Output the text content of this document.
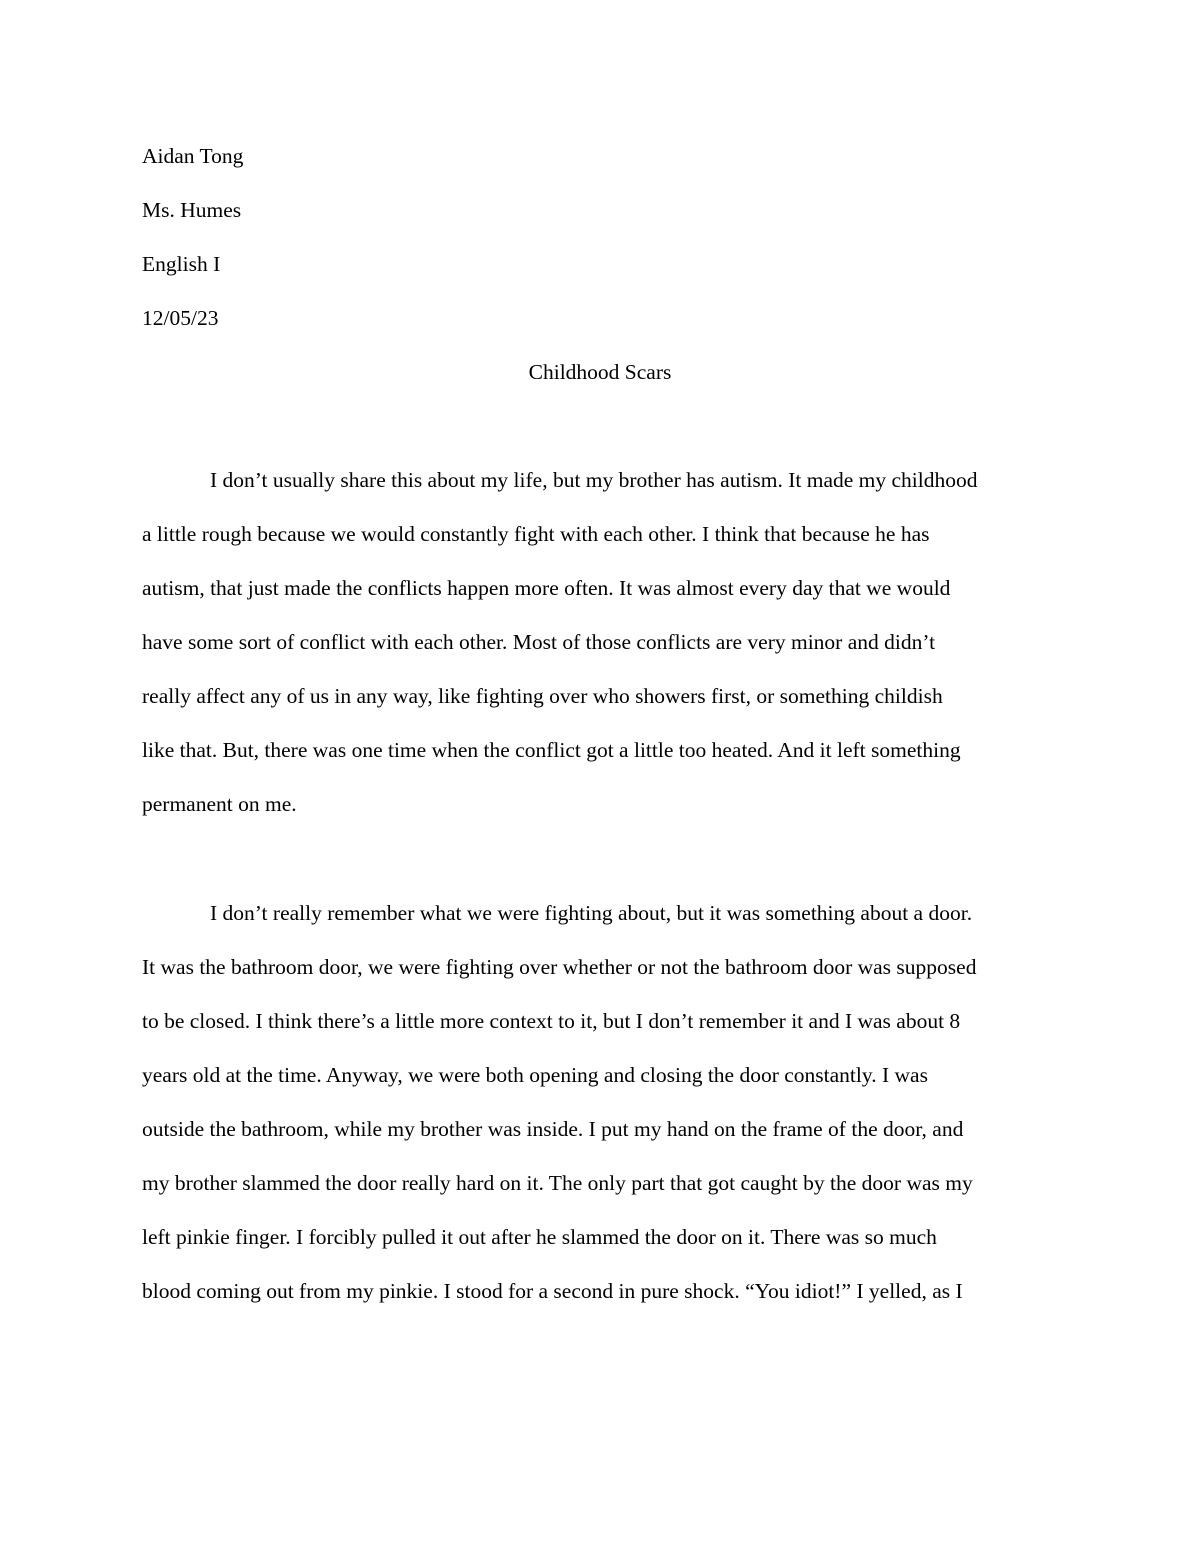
Aidan Tong
Ms. Humes
English I
12/05/23
Childhood Scars
I don’t usually share this about my life, but my brother has autism. It made my childhood
a little rough because we would constantly fight with each other. I think that because he has
autism, that just made the conflicts happen more often. It was almost every day that we would
have some sort of conflict with each other. Most of those conflicts are very minor and didn’t
really affect any of us in any way, like fighting over who showers first, or something childish
like that. But, there was one time when the conflict got a little too heated. And it left something
permanent on me.
I don’t really remember what we were fighting about, but it was something about a door.
It was the bathroom door, we were fighting over whether or not the bathroom door was supposed
to be closed. I think there’s a little more context to it, but I don’t remember it and I was about 8
years old at the time. Anyway, we were both opening and closing the door constantly. I was
outside the bathroom, while my brother was inside. I put my hand on the frame of the door, and
my brother slammed the door really hard on it. The only part that got caught by the door was my
left pinkie finger. I forcibly pulled it out after he slammed the door on it. There was so much
blood coming out from my pinkie. I stood for a second in pure shock. “You idiot!” I yelled, as I
